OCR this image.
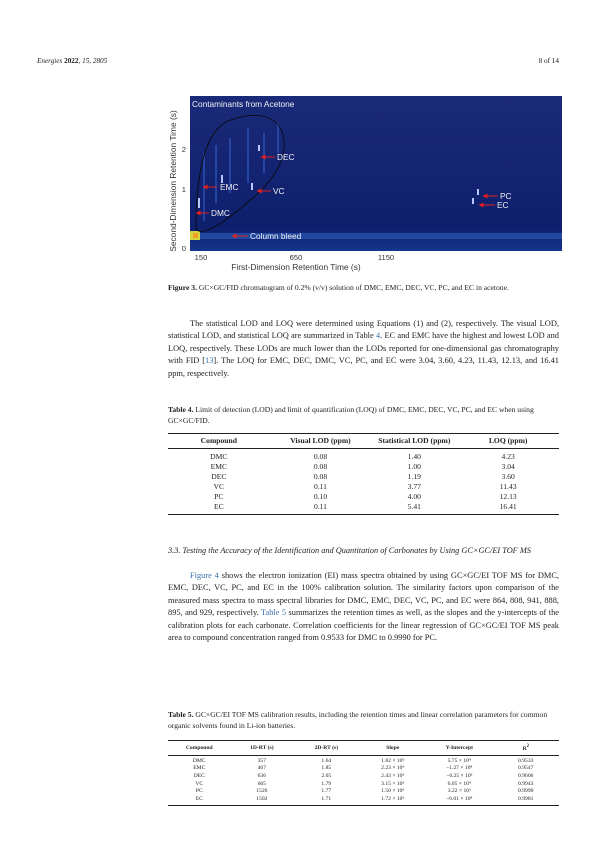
Energies 2022, 15, 2805	8 of 14
Second-Dimension Retention Time (s)
Contaminants from Acetone
DEC
EMC	VC
DMC
Column bleed
PC
EC
0
1
2
150	650	1150
First-Dimension Retention Time (s)
Figure 3. GC×GC/FID chromatogram of 0.2% (v/v) solution of DMC, EMC, DEC, VC, PC, and EC in acetone.
The statistical LOD and LOQ were determined using Equations (1) and (2), respectively. The visual LOD, statistical LOD, and statistical LOQ are summarized in Table 4. EC and EMC have the highest and lowest LOD and LOQ, respectively. These LODs are much lower than the LODs reported for one-dimensional gas chromatography with FID [13]. The LOQ for EMC, DEC, DMC, VC, PC, and EC were 3.04, 3.60, 4.23, 11.43, 12.13, and 16.41 ppm, respectively.
Table 4. Limit of detection (LOD) and limit of quantification (LOQ) of DMC, EMC, DEC, VC, PC, and EC when using GC×GC/FID.
Compound	Visual LOD (ppm)	Statistical LOD (ppm)	LOQ (ppm)
DMC	0.08	1.40	4.23
EMC	0.08	1.00	3.04
DEC	0.08	1.19	3.60
VC	0.11	3.77	11.43
PC	0.10	4.00	12.13
EC	0.11	5.41	16.41
3.3. Testing the Accuracy of the Identification and Quantitation of Carbonates by Using GC×GC/EI TOF MS
Figure 4 shows the electron ionization (EI) mass spectra obtained by using GC×GC/EI TOF MS for DMC, EMC, DEC, VC, PC, and EC in the 100% calibration solution. The similarity factors upon comparison of the measured mass spectra to mass spectral libraries for DMC, EMC, DEC, VC, PC, and EC were 864, 808, 941, 888, 895, and 929, respectively. Table 5 summarizes the retention times as well, as the slopes and the y-intercepts of the calibration plots for each carbonate. Correlation coefficients for the linear regression of GC×GC/EI TOF MS peak area to compound concentration ranged from 0.9533 for DMC to 0.9990 for PC.
Table 5. GC×GC/EI TOF MS calibration results, including the retention times and linear correlation parameters for common organic solvents found in Li-ion batteries.
Compound	1D-RT (s)	2D-RT (s)	Slope	Y-Intercept	$R^2$
DMC	357	1.64	1.82 × 10⁶	5.75 × 10⁴	0.9533
EMC	467	1.85	2.23 × 10⁶	−1.27 × 10⁴	0.9547
DEC	636	2.05	2.43 × 10⁶	−6.25 × 10³	0.9606
VC	665	1.79	3.15 × 10⁶	6.05 × 10⁴	0.9943
PC	1526	1.77	1.50 × 10⁶	3.22 × 10³	0.9990
EC	1502	1.71	1.72 × 10⁶	−6.01 × 10⁴	0.9981
